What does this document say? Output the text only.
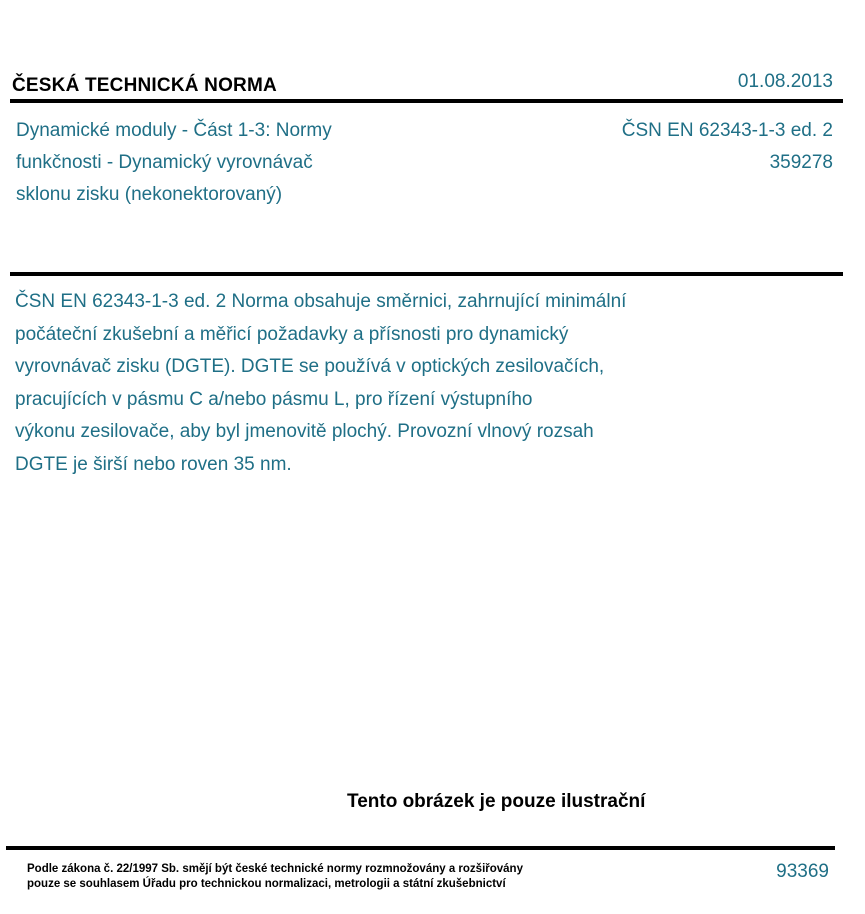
ČESKÁ TECHNICKÁ NORMA	01.08.2013
Dynamické moduly - Část 1-3: Normy
funkčnosti - Dynamický vyrovnávač
sklonu zisku (nekonektorovaný)
ČSN EN 62343-1-3 ed. 2
359278
ČSN EN 62343-1-3 ed. 2 Norma obsahuje směrnici, zahrnující minimální
počáteční zkušební a měřicí požadavky a přísnosti pro dynamický
vyrovnávač zisku (DGTE). DGTE se používá v optických zesilovačích,
pracujících v pásmu C a/nebo pásmu L, pro řízení výstupního
výkonu zesilovače, aby byl jmenovitě plochý. Provozní vlnový rozsah
DGTE je širší nebo roven 35 nm.
Tento obrázek je pouze ilustrační
Podle zákona č. 22/1997 Sb. smějí být české technické normy rozmnožovány a rozšiřovány
pouze se souhlasem Úřadu pro technickou normalizaci, metrologii a státní zkušebnictví
93369
